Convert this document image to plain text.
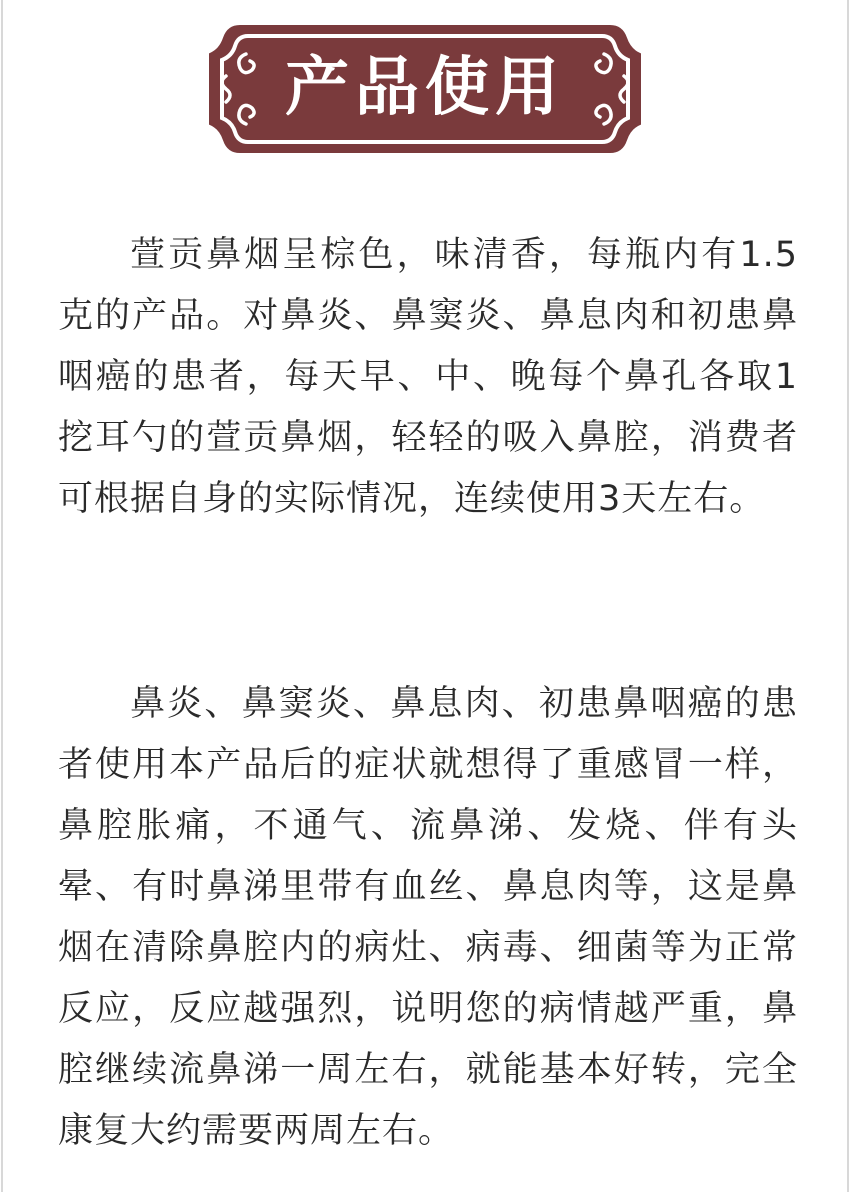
产品使用

萱贡鼻烟呈棕色，味清香，每瓶内有1.5克的产品。对鼻炎、鼻窦炎、鼻息肉和初患鼻咽癌的患者，每天早、中、晚每个鼻孔各取1挖耳勺的萱贡鼻烟，轻轻的吸入鼻腔，消费者可根据自身的实际情况，连续使用3天左右。

鼻炎、鼻窦炎、鼻息肉、初患鼻咽癌的患者使用本产品后的症状就想得了重感冒一样，鼻腔胀痛，不通气、流鼻涕、发烧、伴有头晕、有时鼻涕里带有血丝、鼻息肉等，这是鼻烟在清除鼻腔内的病灶、病毒、细菌等为正常反应，反应越强烈，说明您的病情越严重，鼻腔继续流鼻涕一周左右，就能基本好转，完全康复大约需要两周左右。
